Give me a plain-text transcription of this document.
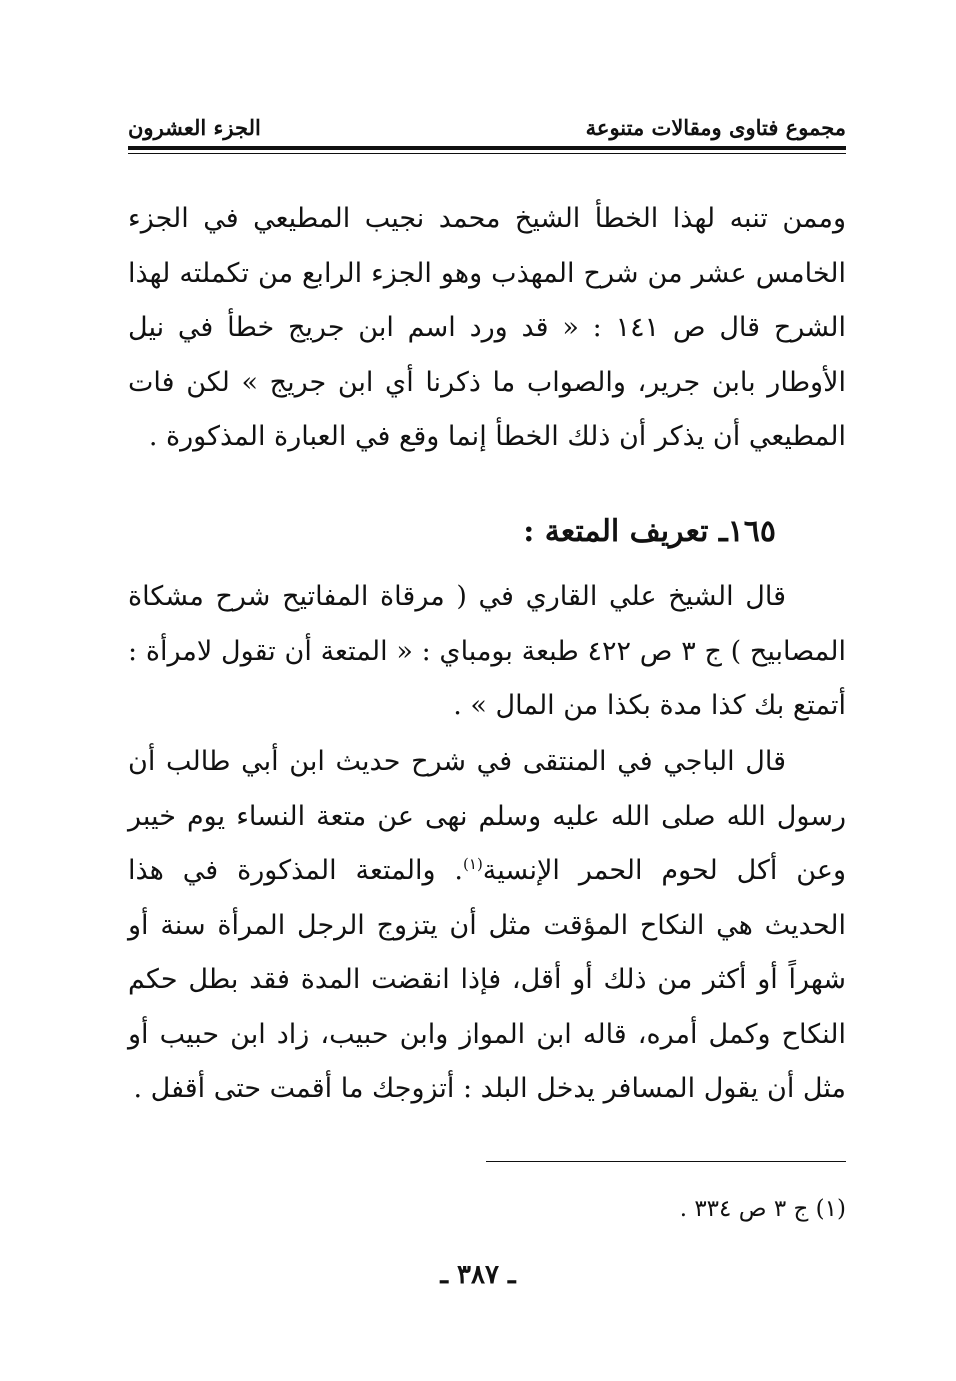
مجموع فتاوى ومقالات متنوعة
الجزء العشرون
وممن تنبه لهذا الخطأ الشيخ محمد نجيب المطيعي في الجزء الخامس عشر من شرح المهذب وهو الجزء الرابع من تكملته لهذا الشرح قال ص ١٤١ : « قد ورد اسم ابن جريج خطأ في نيل الأوطار بابن جرير، والصواب ما ذكرنا أي ابن جريج » لكن فات المطيعي أن يذكر أن ذلك الخطأ إنما وقع في العبارة المذكورة .
١٦٥ـ تعريف المتعة :
قال الشيخ علي القاري في ( مرقاة المفاتيح شرح مشكاة المصابيح ) ج ٣ ص ٤٢٢ طبعة بومباي : « المتعة أن تقول لامرأة : أتمتع بك كذا مدة بكذا من المال » .
قال الباجي في المنتقى في شرح حديث ابن أبي طالب أن رسول الله صلى الله عليه وسلم نهى عن متعة النساء يوم خيبر وعن أكل لحوم الحمر الإنسية$^{(١)}$. والمتعة المذكورة في هذا الحديث هي النكاح المؤقت مثل أن يتزوج الرجل المرأة سنة أو شهراً أو أكثر من ذلك أو أقل، فإذا انقضت المدة فقد بطل حكم النكاح وكمل أمره، قاله ابن المواز وابن حبيب، زاد ابن حبيب أو مثل أن يقول المسافر يدخل البلد : أتزوجك ما أقمت حتى أقفل .
(١) ج ٣ ص ٣٣٤ .
ـ ٣٨٧ ـ
